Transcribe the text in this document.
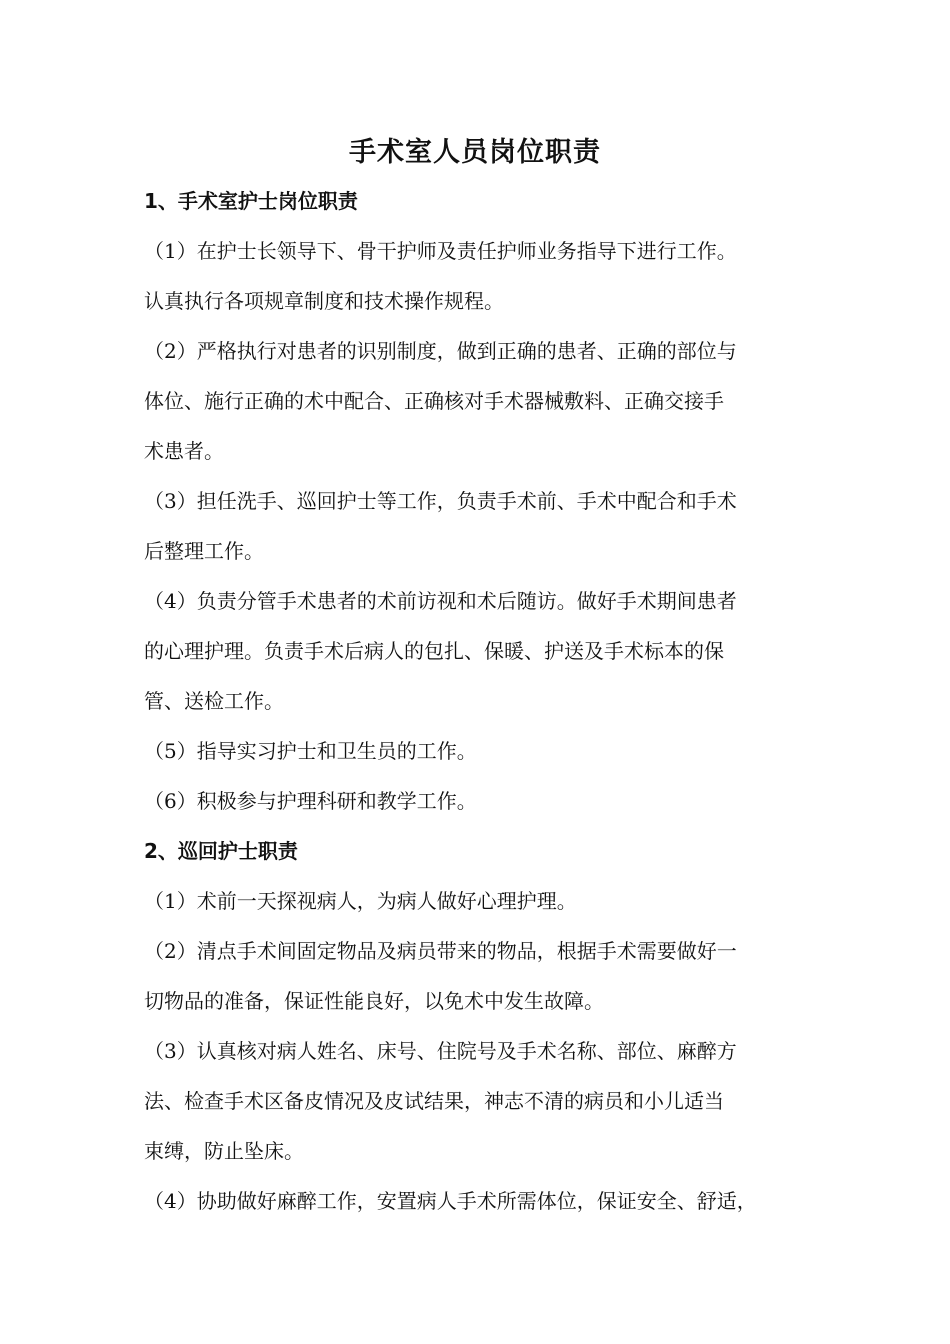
手术室人员岗位职责
1、手术室护士岗位职责
（1）在护士长领导下、骨干护师及责任护师业务指导下进行工作。
认真执行各项规章制度和技术操作规程。
（2）严格执行对患者的识别制度，做到正确的患者、正确的部位与
体位、施行正确的术中配合、正确核对手术器械敷料、正确交接手
术患者。
（3）担任洗手、巡回护士等工作，负责手术前、手术中配合和手术
后整理工作。
（4）负责分管手术患者的术前访视和术后随访。做好手术期间患者
的心理护理。负责手术后病人的包扎、保暖、护送及手术标本的保
管、送检工作。
（5）指导实习护士和卫生员的工作。
（6）积极参与护理科研和教学工作。
2、巡回护士职责
（1）术前一天探视病人，为病人做好心理护理。
（2）清点手术间固定物品及病员带来的物品，根据手术需要做好一
切物品的准备，保证性能良好，以免术中发生故障。
（3）认真核对病人姓名、床号、住院号及手术名称、部位、麻醉方
法、检查手术区备皮情况及皮试结果，神志不清的病员和小儿适当
束缚，防止坠床。
（4）协助做好麻醉工作，安置病人手术所需体位，保证安全、舒适，
